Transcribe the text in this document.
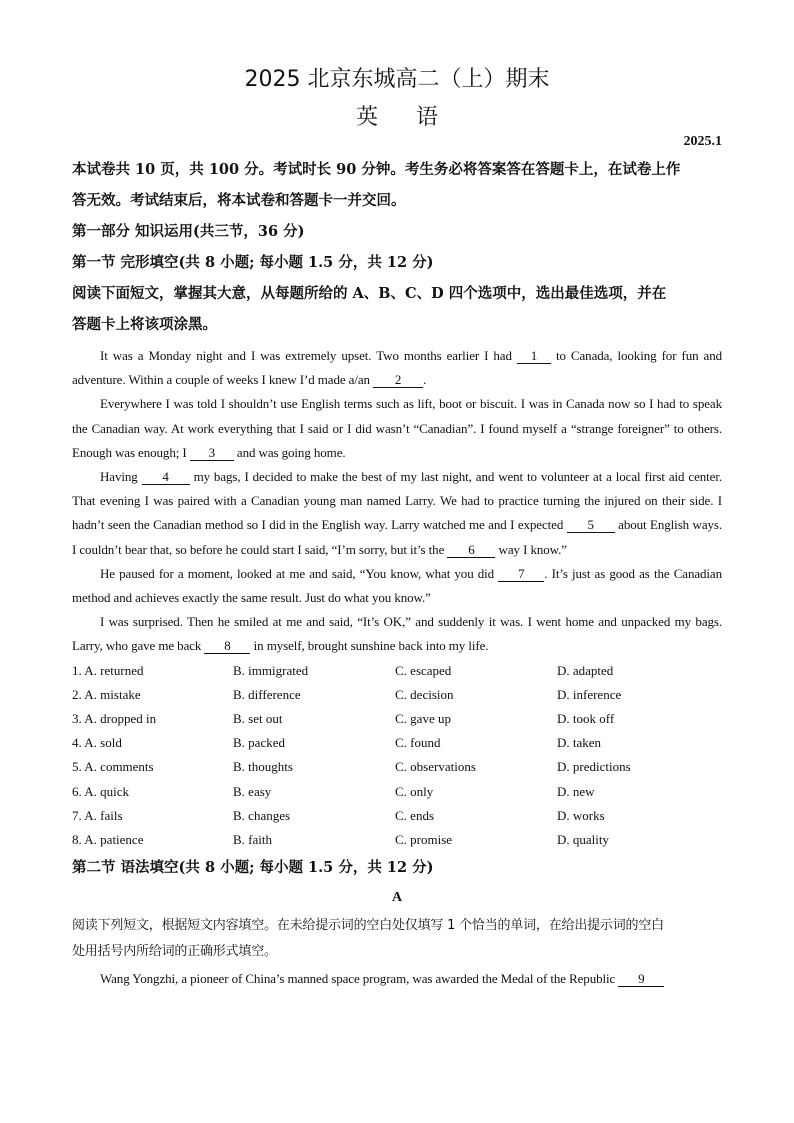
2025 北京东城高二（上）期末
英语
2025.1

本试卷共 10 页，共 100 分。考试时长 90 分钟。考生务必将答案答在答题卡上，在试卷上作

答无效。考试结束后，将本试卷和答题卡一并交回。

第一部分 知识运用(共三节，36 分)

第一节 完形填空(共 8 小题; 每小题 1.5 分，共 12 分)

阅读下面短文，掌握其大意，从每题所给的 A、B、C、D 四个选项中，选出最佳选项，并在

答题卡上将该项涂黑。

It was a Monday night and I was extremely upset. Two months earlier I had 1 to Canada, looking for fun and adventure. Within a couple of weeks I knew I’d made a/an 2 .

Everywhere I was told I shouldn’t use English terms such as lift, boot or biscuit. I was in Canada now so I had to speak the Canadian way. At work everything that I said or I did wasn’t “Canadian”. I found myself a “strange foreigner” to others. Enough was enough; I 3 and was going home.

Having 4 my bags, I decided to make the best of my last night, and went to volunteer at a local first aid center. That evening I was paired with a Canadian young man named Larry. We had to practice turning the injured on their side. I hadn’t seen the Canadian method so I did in the English way. Larry watched me and I expected 5 about English ways. I couldn’t bear that, so before he could start I said, “I’m sorry, but it’s the 6 way I know.”

He paused for a moment, looked at me and said, “You know, what you did 7 . It’s just as good as the Canadian method and achieves exactly the same result. Just do what you know.”

I was surprised. Then he smiled at me and said, “It’s OK,” and suddenly it was. I went home and unpacked my bags. Larry, who gave me back 8 in myself, brought sunshine back into my life.

1. A. returned	B. immigrated	C. escaped	D. adapted
2. A. mistake	B. difference	C. decision	D. inference
3. A. dropped in	B. set out	C. gave up	D. took off
4. A. sold	B. packed	C. found	D. taken
5. A. comments	B. thoughts	C. observations	D. predictions
6. A. quick	B. easy	C. only	D. new
7. A. fails	B. changes	C. ends	D. works
8. A. patience	B. faith	C. promise	D. quality

第二节 语法填空(共 8 小题; 每小题 1.5 分，共 12 分)

A

阅读下列短文，根据短文内容填空。在未给提示词的空白处仅填写 1 个恰当的单词，在给出提示词的空白

处用括号内所给词的正确形式填空。

Wang Yongzhi, a pioneer of China’s manned space program, was awarded the Medal of the Republic 9
